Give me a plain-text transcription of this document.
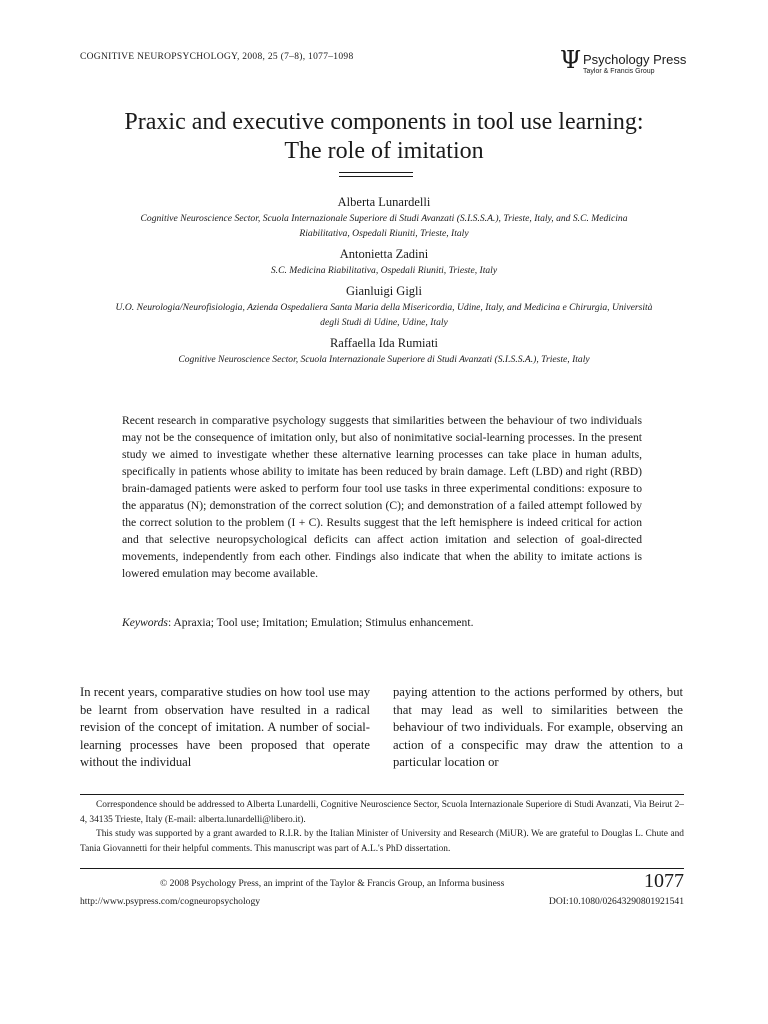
COGNITIVE NEUROPSYCHOLOGY, 2008, 25 (7–8), 1077–1098	Ψ Psychology Press
Taylor & Francis Group
Praxic and executive components in tool use learning:
The role of imitation
Alberta Lunardelli
Cognitive Neuroscience Sector, Scuola Internazionale Superiore di Studi Avanzati (S.I.S.S.A.), Trieste, Italy, and S.C. Medicina
Riabilitativa, Ospedali Riuniti, Trieste, Italy
Antonietta Zadini
S.C. Medicina Riabilitativa, Ospedali Riuniti, Trieste, Italy
Gianluigi Gigli
U.O. Neurologia/Neurofisiologia, Azienda Ospedaliera Santa Maria della Misericordia, Udine, Italy, and Medicina e Chirurgia, Università
degli Studi di Udine, Udine, Italy
Raffaella Ida Rumiati
Cognitive Neuroscience Sector, Scuola Internazionale Superiore di Studi Avanzati (S.I.S.S.A.), Trieste, Italy
Recent research in comparative psychology suggests that similarities between the behaviour of two individuals may not be the consequence of imitation only, but also of nonimitative social-learning processes. In the present study we aimed to investigate whether these alternative learning processes can take place in human adults, specifically in patients whose ability to imitate has been reduced by brain damage. Left (LBD) and right (RBD) brain-damaged patients were asked to perform four tool use tasks in three experimental conditions: exposure to the apparatus (N); demonstration of the correct solution (C); and demonstration of a failed attempt followed by the correct solution to the problem (I + C). Results suggest that the left hemisphere is indeed critical for action and that selective neuropsychological deficits can affect action imitation and selection of goal-directed movements, independently from each other. Findings also indicate that when the ability to imitate actions is lowered emulation may become available.
Keywords: Apraxia; Tool use; Imitation; Emulation; Stimulus enhancement.
In recent years, comparative studies on how tool use may be learnt from observation have resulted in a radical revision of the concept of imitation. A number of social-learning processes have been proposed that operate without the individual
paying attention to the actions performed by others, but that may lead as well to similarities between the behaviour of two individuals. For example, observing an action of a conspecific may draw the attention to a particular location or

Correspondence should be addressed to Alberta Lunardelli, Cognitive Neuroscience Sector, Scuola Internazionale Superiore di Studi Avanzati, Via Beirut 2–4, 34135 Trieste, Italy (E-mail: alberta.lunardelli@libero.it).

This study was supported by a grant awarded to R.I.R. by the Italian Minister of University and Research (MiUR). We are grateful to Douglas L. Chute and Tania Giovannetti for their helpful comments. This manuscript was part of A.L.'s PhD dissertation.

© 2008 Psychology Press, an imprint of the Taylor & Francis Group, an Informa business	1077
http://www.psypress.com/cogneuropsychology	DOI:10.1080/02643290801921541
